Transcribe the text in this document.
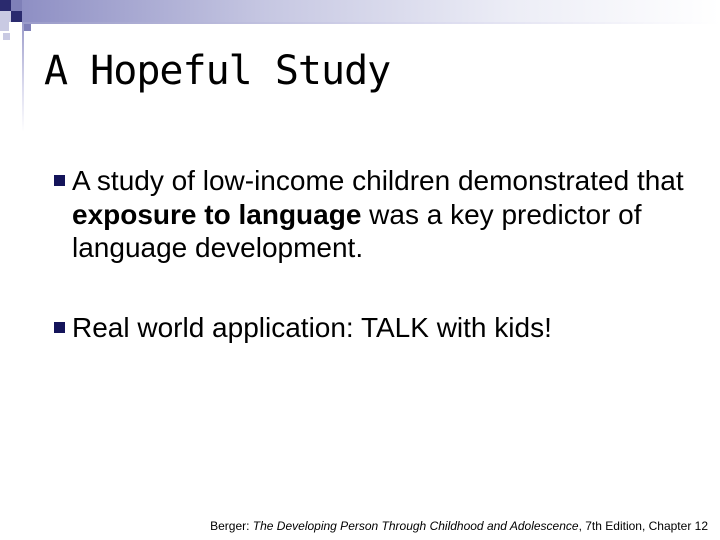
A Hopeful Study
A study of low-income children demonstrated that exposure to language was a key predictor of language development.
Real world application: TALK with kids!
Berger: The Developing Person Through Childhood and Adolescence, 7th Edition, Chapter 12
